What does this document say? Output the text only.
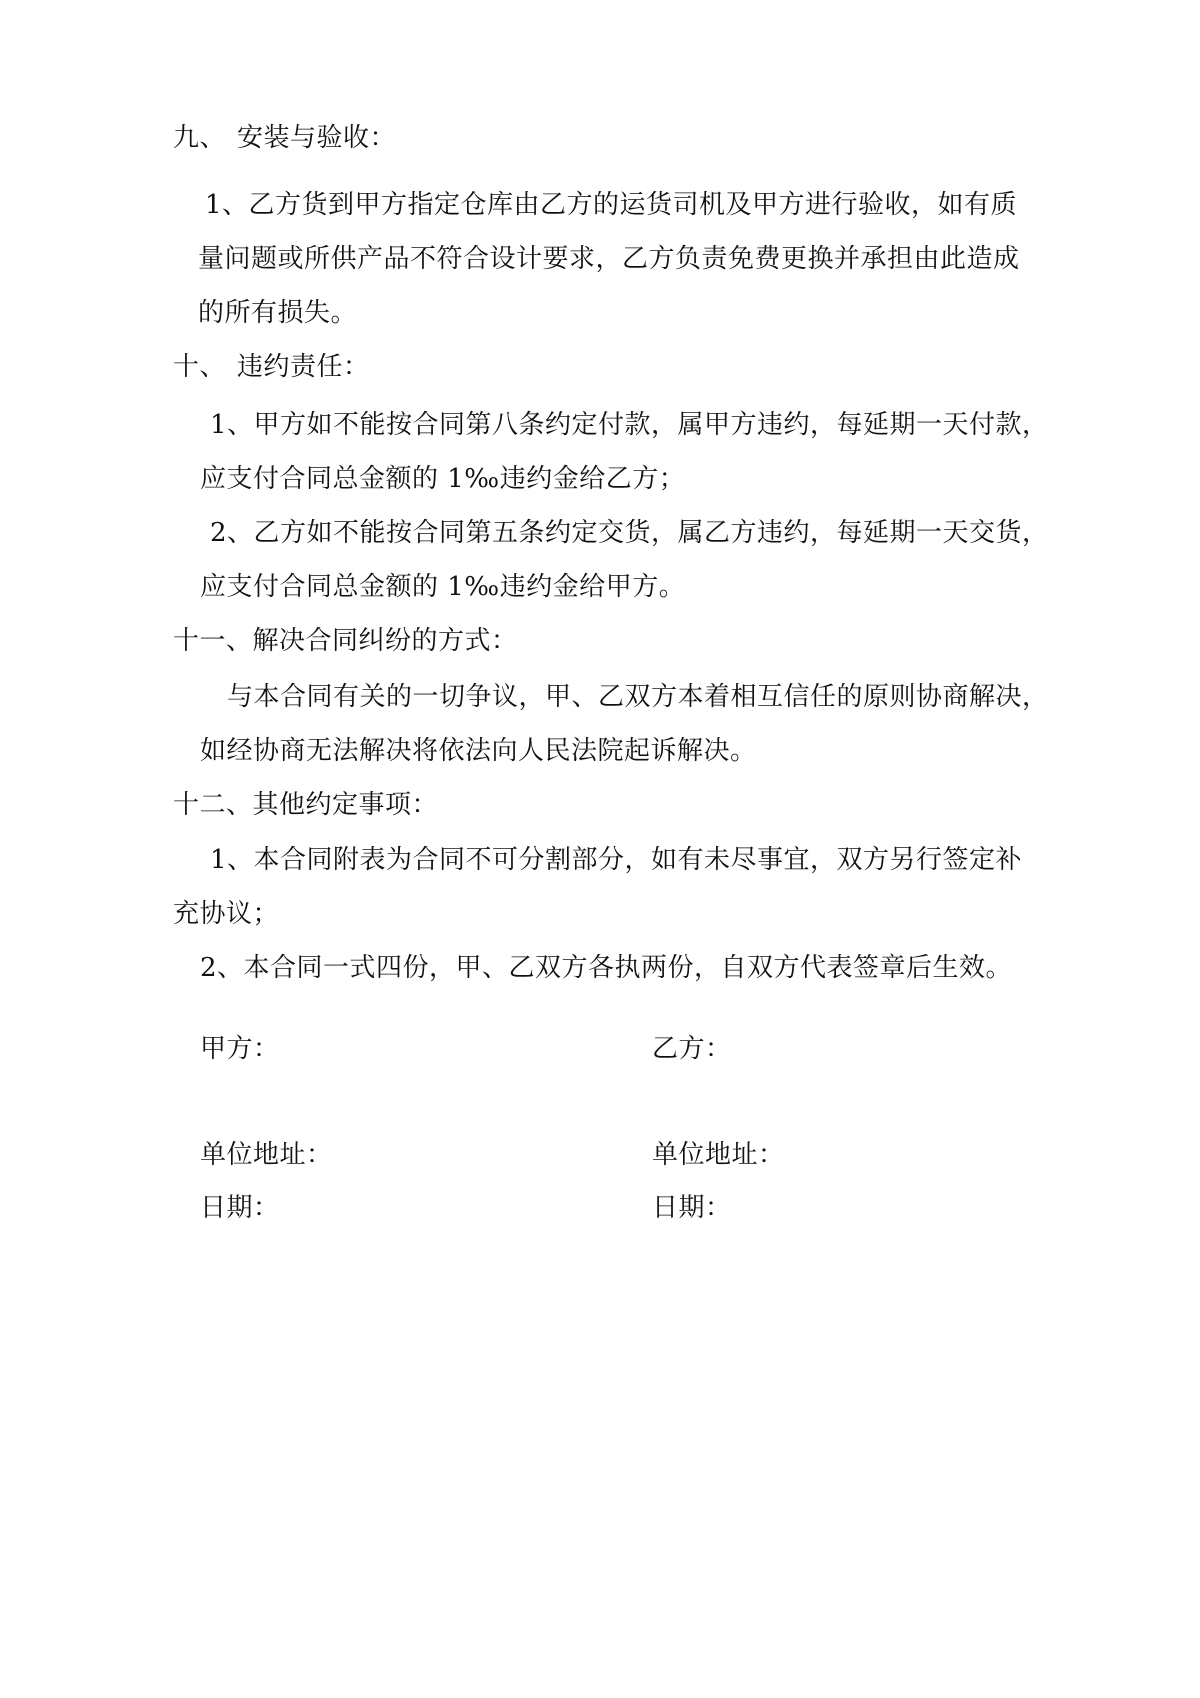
九、 安装与验收：
1、乙方货到甲方指定仓库由乙方的运货司机及甲方进行验收，如有质
量问题或所供产品不符合设计要求，乙方负责免费更换并承担由此造成
的所有损失。
十、 违约责任：
1、甲方如不能按合同第八条约定付款，属甲方违约，每延期一天付款，
应支付合同总金额的 1‰违约金给乙方；
2、乙方如不能按合同第五条约定交货，属乙方违约，每延期一天交货，
应支付合同总金额的 1‰违约金给甲方。
十一、解决合同纠纷的方式：
与本合同有关的一切争议，甲、乙双方本着相互信任的原则协商解决，
如经协商无法解决将依法向人民法院起诉解决。
十二、其他约定事项：
1、本合同附表为合同不可分割部分，如有未尽事宜，双方另行签定补
充协议；
2、本合同一式四份，甲、乙双方各执两份，自双方代表签章后生效。
甲方：	乙方：
单位地址：	单位地址：
日期：	日期：
